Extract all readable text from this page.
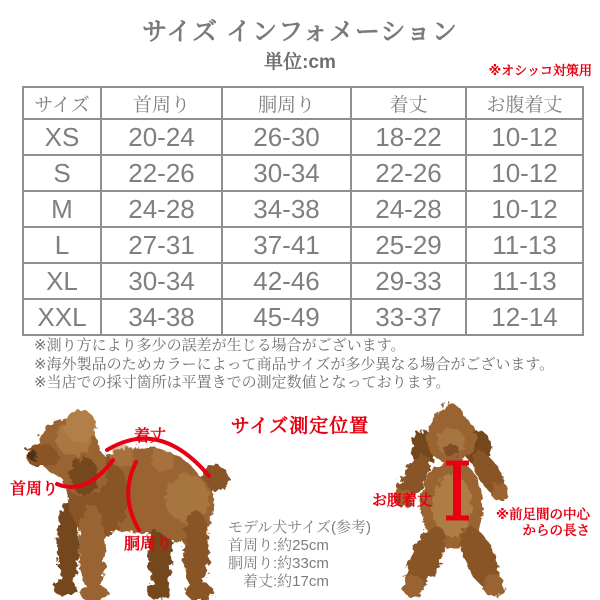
サイズ インフォメーション
単位:cm	※オシッコ対策用
サイズ	首周り	胴周り	着丈	お腹着丈
XS	20-24	26-30	18-22	10-12
S	22-26	30-34	22-26	10-12
M	24-28	34-38	24-28	10-12
L	27-31	37-41	25-29	11-13
XL	30-34	42-46	29-33	11-13
XXL	34-38	45-49	33-37	12-14
※測り方により多少の誤差が生じる場合がございます。
※海外製品のためカラーによって商品サイズが多少異なる場合がございます。
※当店での採寸箇所は平置きでの測定数値となっております。
サイズ測定位置
着丈
首周り
胴周り
お腹着丈
※前足間の中心
からの長さ
モデル犬サイズ(参考)
首周り:約25cm
胴周り:約33cm
着丈:約17cm
